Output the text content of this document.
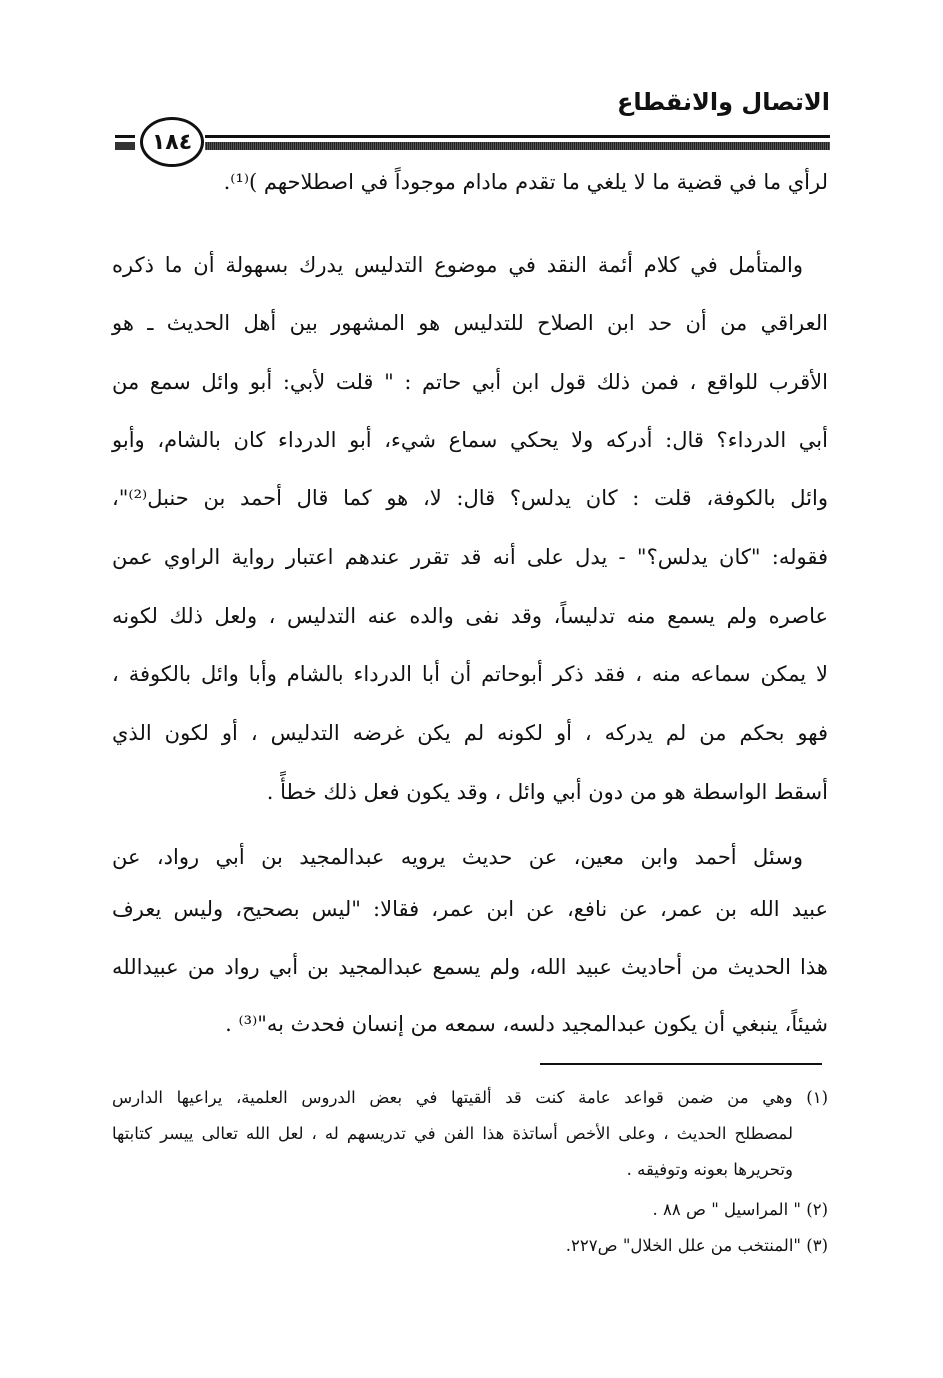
الاتصال والانقطاع
١٨٤
لرأي ما في قضية ما لا يلغي ما تقدم مادام موجوداً في اصطلاحهم )⁽¹⁾.
والمتأمل في كلام أئمة النقد في موضوع التدليس يدرك بسهولة أن ما ذكره
العراقي من أن حد ابن الصلاح للتدليس هو المشهور بين أهل الحديث ـ هو
الأقرب للواقع ، فمن ذلك قول ابن أبي حاتم : " قلت لأبي: أبو وائل سمع من
أبي الدرداء؟ قال: أدركه ولا يحكي سماع شيء، أبو الدرداء كان بالشام، وأبو
وائل بالكوفة، قلت : كان يدلس؟ قال: لا، هو كما قال أحمد بن حنبل⁽²⁾"،
فقوله: "كان يدلس؟" - يدل على أنه قد تقرر عندهم اعتبار رواية الراوي عمن
عاصره ولم يسمع منه تدليساً، وقد نفى والده عنه التدليس ، ولعل ذلك لكونه
لا يمكن سماعه منه ، فقد ذكر أبوحاتم أن أبا الدرداء بالشام وأبا وائل بالكوفة ،
فهو بحكم من لم يدركه ، أو لكونه لم يكن غرضه التدليس ، أو لكون الذي
أسقط الواسطة هو من دون أبي وائل ، وقد يكون فعل ذلك خطأً .
وسئل أحمد وابن معين، عن حديث يرويه عبدالمجيد بن أبي رواد، عن
عبيد الله بن عمر، عن نافع، عن ابن عمر، فقالا: "ليس بصحيح، وليس يعرف
هذا الحديث من أحاديث عبيد الله، ولم يسمع عبدالمجيد بن أبي رواد من عبيدالله
شيئاً، ينبغي أن يكون عبدالمجيد دلسه، سمعه من إنسان فحدث به"⁽³⁾ .
(١) وهي من ضمن قواعد عامة كنت قد ألقيتها في بعض الدروس العلمية، يراعيها الدارس
لمصطلح الحديث ، وعلى الأخص أساتذة هذا الفن في تدريسهم له ، لعل الله تعالى ييسر كتابتها
وتحريرها بعونه وتوفيقه .
(٢) " المراسيل " ص ٨٨ .
(٣) "المنتخب من علل الخلال" ص٢٢٧.
